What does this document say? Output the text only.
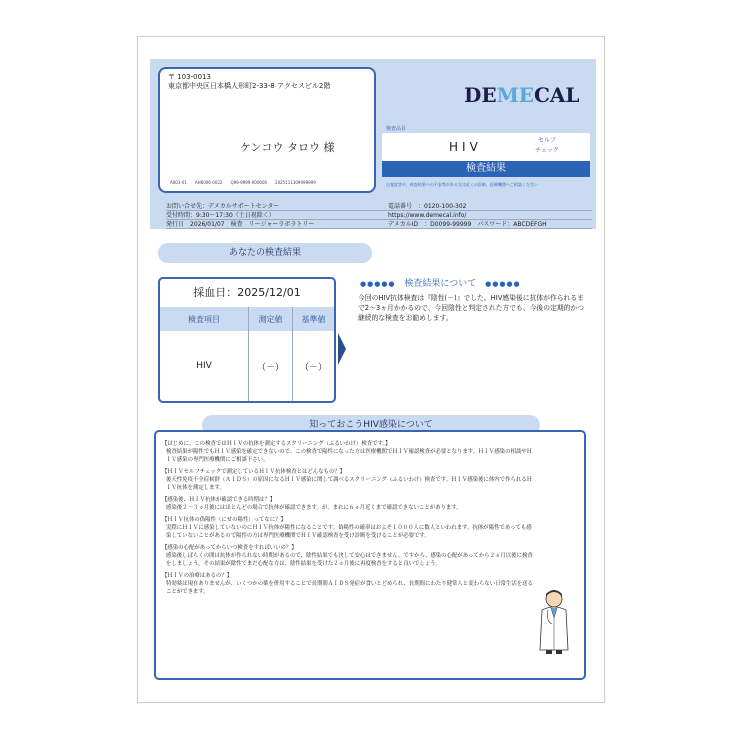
〒 103-0013
東京都中央区日本橋人形町2-33-8 アクセスビル2階
ケンコウ タロウ 様
A003-01 AH6006-0022 Q99-9999-000000 2025111309999999
DEMECAL
検査品目
HIV	セルフ
チェック
検査結果
自覚症状や、検査結果への不安等がある方は近くの医師、医療機関へご相談ください
お問い合せ先：デメカルサポートセンター	電話番号　：0120-100-302
受付時間：9:30～17:30（土日祝除く）	https://www.demecal.info/
発行日　2026/01/07　検査　リージャーラボラトリー	デメカルID　：D0099-99999　パスワード：ABCDEFGH
あなたの検査結果
採血日：2025/12/01
検査項目	測定値	基準値
HIV	（－）	（－）
●●●●● 検査結果について ●●●●●
今回のHIV抗体検査は『陰性(－)』でした。HIV感染後に抗体が作られるまで2～3ヵ月かかるので、今回陰性と判定された方でも、今後の定期的かつ継続的な検査をお勧めします。
知っておこうHIV感染について
【はじめに、この検査ではＨＩＶの抗体を測定するスクリーニング（ふるいわけ）検査です。】
検査結果が陽性でもＨＩＶ感染を確定できないので、この検査で陽性になった方は医療機関でＨＩＶ確認検査が必要となります。ＨＩＶ感染の相談やＨＩＶ感染の専門医療機関にご相談下さい。
【ＨＩＶセルフチェックで測定しているＨＩＶ抗体検査とはどんなもの？】
後天性免疫不全症候群（ＡＩＤＳ）の原因になるＨＩＶ感染に関して調べるスクリーニング（ふるいわけ）検査です。ＨＩＶ感染後に体内で作られるＨＩＶ抗体を測定します。
【感染後、ＨＩＶ抗体が確認できる時期は？】
感染後２～３ヵ月後にはほとんどの場合で抗体が確認できます。が、まれに６ヵ月近くまで確認できないことがあります。
【ＨＩＶ抗体の偽陽性（にせの陽性）ってなに？】
実際にＨＩＶに感染していないのにＨＩＶ抗体が陽性になることです。偽陽性の確率はおよそ１０００人に数人といわれます。抗体が陽性であっても感染していないことがあるので陽性の方は専門医療機関でＨＩＶ確認検査を受け診断を受けることが必要です。
【感染の心配があってからいつ検査をすればいいの？】
感染後しばらくの間は抗体が作られない時期があるので、陰性結果でも決して安心はできません。ですから、感染の心配があってから２ヵ月以後に検査をしましょう。その結果が陰性でまだ心配な方は、陰性結果を受けた２ヵ月後に再度検査をすると良いでしょう。
【ＨＩＶの治療はあるの？】
特効薬は現在ありませんが、いくつかの薬を併用することで長期間ＡＩＤＳ発症が食いとどめられ、長期間にわたり健常人と変わらない日常生活を送ることができます。
